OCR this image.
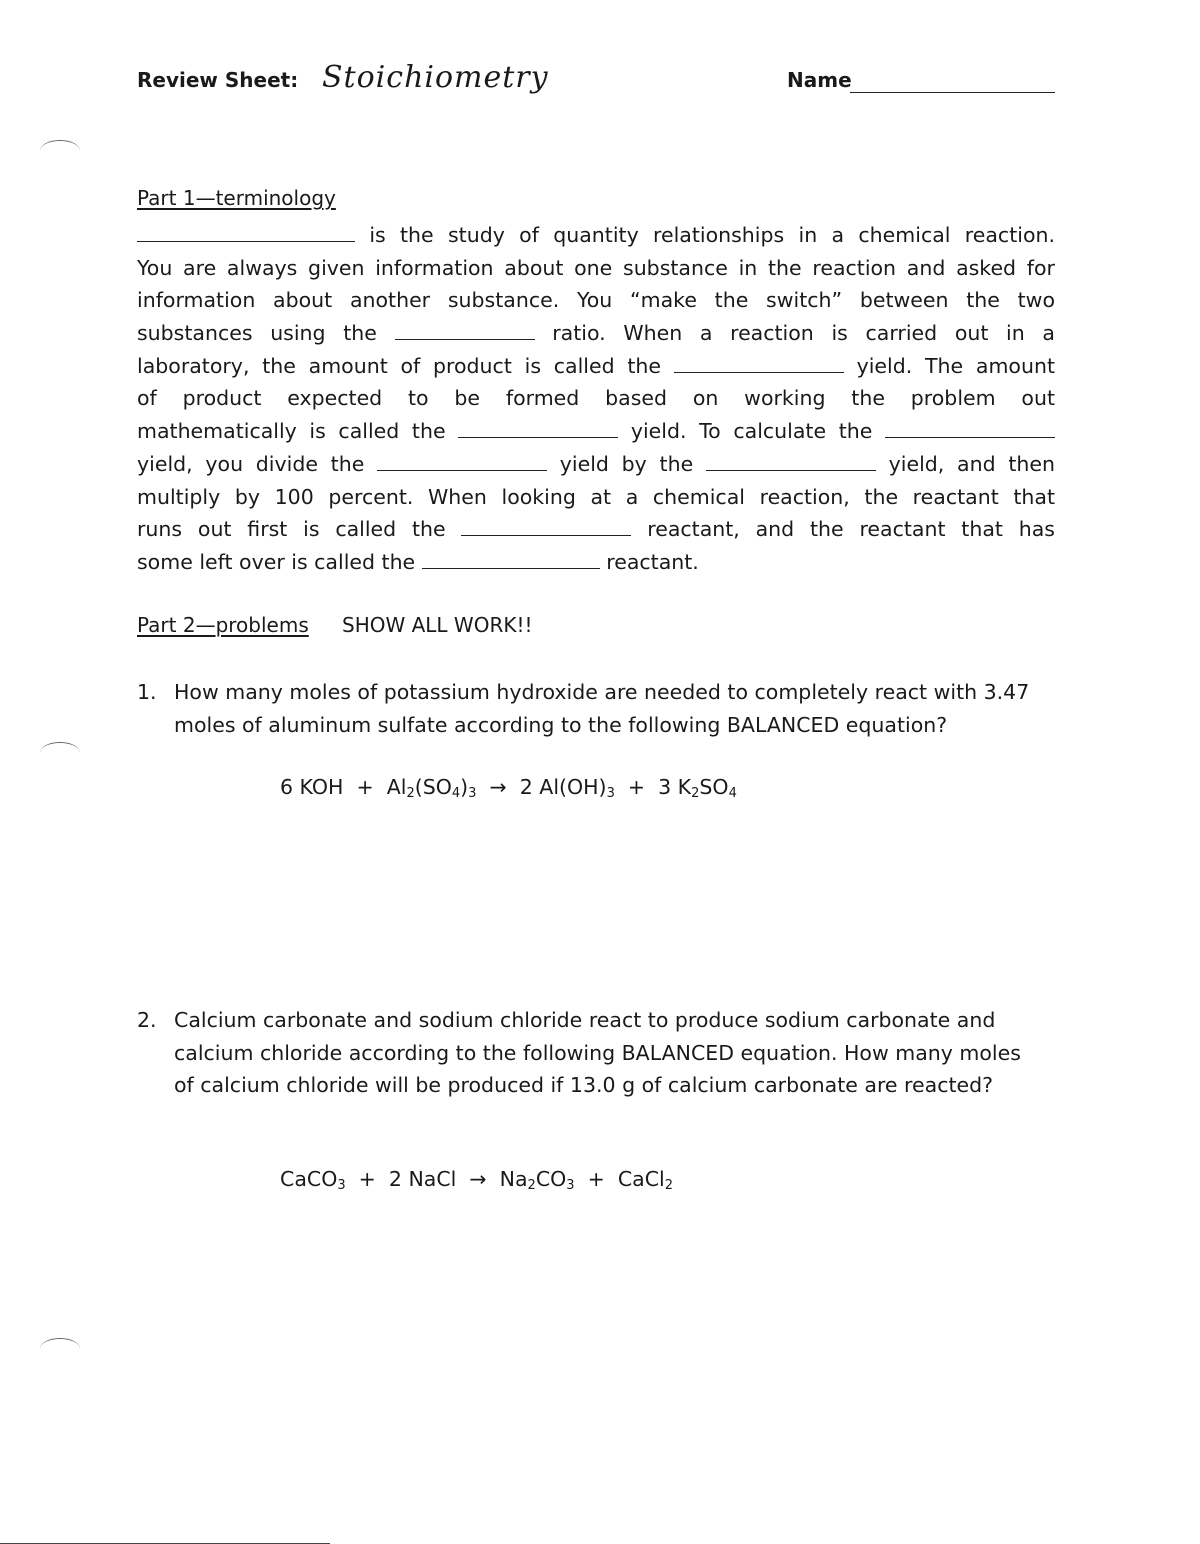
Review Sheet: Stoichiometry	Name
Part 1—terminology
is the study of quantity relationships in a chemical reaction.
You are always given information about one substance in the reaction and asked for
information about another substance. You “make the switch” between the two
substances using the	ratio. When a reaction is carried out in a
laboratory, the amount of product is called the	yield. The amount
of product expected to be formed based on working the problem out
mathematically is called the	yield. To calculate the
yield, you divide the	yield by the	yield, and then
multiply by 100 percent. When looking at a chemical reaction, the reactant that
runs out first is called the	reactant, and the reactant that has
some left over is called the	reactant.
Part 2—problems SHOW ALL WORK!!
1. How many moles of potassium hydroxide are needed to completely react with 3.47 moles of aluminum sulfate according to the following BALANCED equation?
6 KOH + $Al_2(SO_4)_3 \to 2$ $Al(OH)_3 + 3$ $K_2SO_4$
2. Calcium carbonate and sodium chloride react to produce sodium carbonate and calcium chloride according to the following BALANCED equation. How many moles of calcium chloride will be produced if 13.0 g of calcium carbonate are reacted?
CaCO$_3$ + 2 NaCl → $Na_2CO_3$ + CaCl$_2$
